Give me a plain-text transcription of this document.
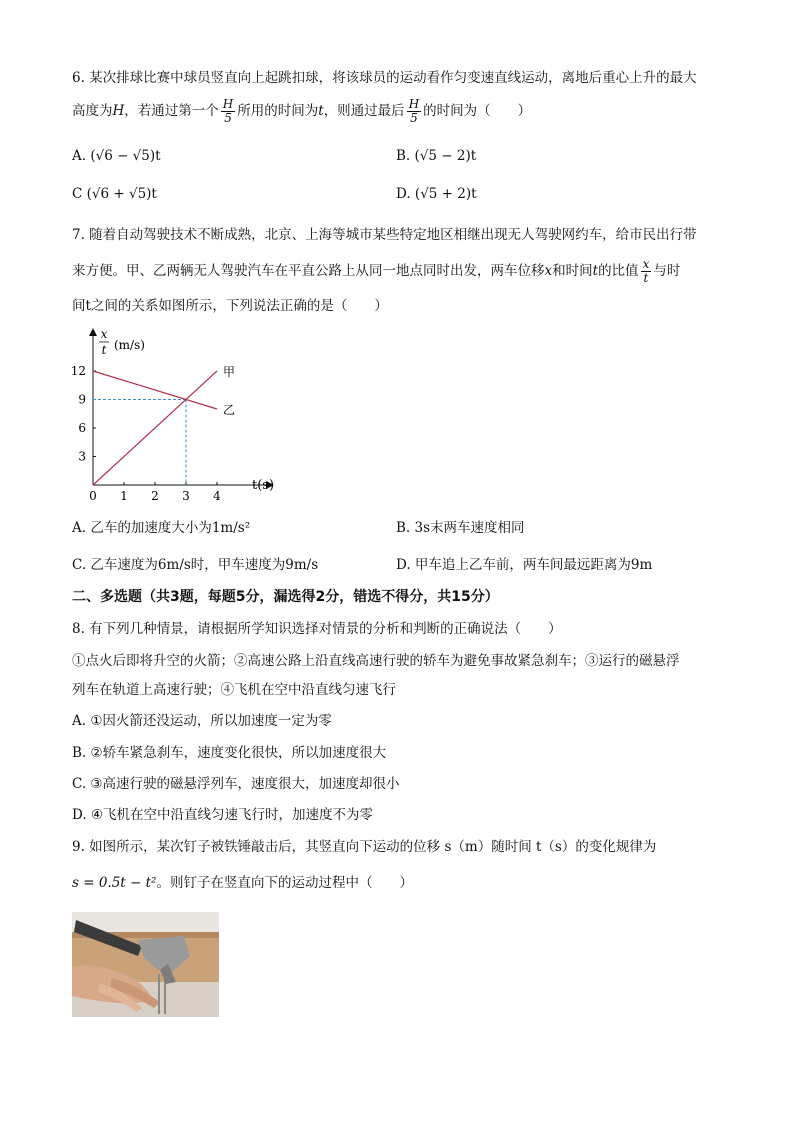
6. 某次排球比赛中球员竖直向上起跳扣球，将该球员的运动看作匀变速直线运动，离地后重心上升的最大
高度为H，若通过第一个 $\frac{H}{5}$ 所用的时间为t，则通过最后 $\frac{H}{5}$ 的时间为（　　）
A. (√6 − √5)t	B. (√5 − 2)t
C (√6 + √5)t	D. (√5 + 2)t
7. 随着自动驾驶技术不断成熟，北京、上海等城市某些特定地区相继出现无人驾驶网约车，给市民出行带
来方便。甲、乙两辆无人驾驶汽车在平直公路上从同一地点同时出发，两车位移x和时间t的比值 $\frac{x}{t}$ 与时
间t之间的关系如图所示，下列说法正确的是（　　）
x
t (m/s)
t(s)
0 1 2 3 4
3
6
9
12	甲
乙
A. 乙车的加速度大小为1m/s²	B. 3s末两车速度相同
C. 乙车速度为6m/s时，甲车速度为9m/s	D. 甲车追上乙车前，两车间最远距离为9m
二、多选题（共3题，每题5分，漏选得2分，错选不得分，共15分）
8. 有下列几种情景，请根据所学知识选择对情景的分析和判断的正确说法（　　）
①点火后即将升空的火箭；②高速公路上沿直线高速行驶的轿车为避免事故紧急刹车；③运行的磁悬浮
列车在轨道上高速行驶；④飞机在空中沿直线匀速飞行
A. ①因火箭还没运动，所以加速度一定为零
B. ②轿车紧急刹车，速度变化很快，所以加速度很大
C. ③高速行驶的磁悬浮列车，速度很大，加速度却很小
D. ④飞机在空中沿直线匀速飞行时，加速度不为零
9. 如图所示，某次钉子被铁锤敲击后，其竖直向下运动的位移 s（m）随时间 t（s）的变化规律为
s = 0.5t − t²。则钉子在竖直向下的运动过程中（　　）
